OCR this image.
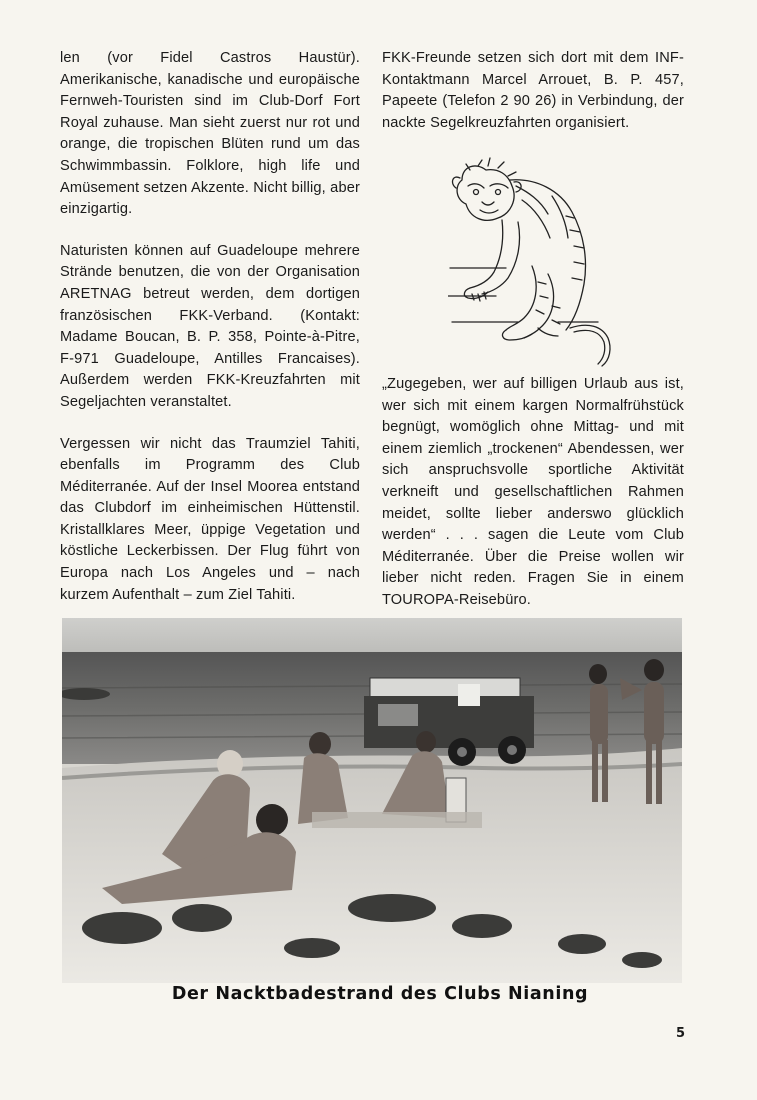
len (vor Fidel Castros Haustür). Amerikanische, kanadische und europäische Fernweh-Touristen sind im Club-Dorf Fort Royal zuhause. Man sieht zuerst nur rot und orange, die tropischen Blüten rund um das Schwimmbassin. Folklore, high life und Amüsement setzen Akzente. Nicht billig, aber einzigartig.

Naturisten können auf Guadeloupe mehrere Strände benutzen, die von der Organisation ARETNAG betreut werden, dem dortigen französischen FKK-Verband. (Kontakt: Madame Boucan, B. P. 358, Pointe-à-Pitre, F-971 Guadeloupe, Antilles Francaises). Außerdem werden FKK-Kreuzfahrten mit Segeljachten veranstaltet.

Vergessen wir nicht das Traumziel Tahiti, ebenfalls im Programm des Club Méditerranée. Auf der Insel Moorea entstand das Clubdorf im einheimischen Hüttenstil. Kristallklares Meer, üppige Vegetation und köstliche Leckerbissen. Der Flug führt von Europa nach Los Angeles und – nach kurzem Aufenthalt – zum Ziel Tahiti.

FKK-Freunde setzen sich dort mit dem INF-Kontaktmann Marcel Arrouet, B. P. 457, Papeete (Telefon 2 90 26) in Verbindung, der nackte Segelkreuzfahrten organisiert.

„Zugegeben, wer auf billigen Urlaub aus ist, wer sich mit einem kargen Normalfrühstück begnügt, womöglich ohne Mittag- und mit einem ziemlich „trockenen“ Abendessen, wer sich anspruchsvolle sportliche Aktivität verkneift und gesellschaftlichen Rahmen meidet, sollte lieber anderswo glücklich werden“ . . . sagen die Leute vom Club Méditerranée. Über die Preise wollen wir lieber nicht reden. Fragen Sie in einem TOUROPA-Reisebüro.
Der Nacktbadestrand des Clubs Nianing
5
